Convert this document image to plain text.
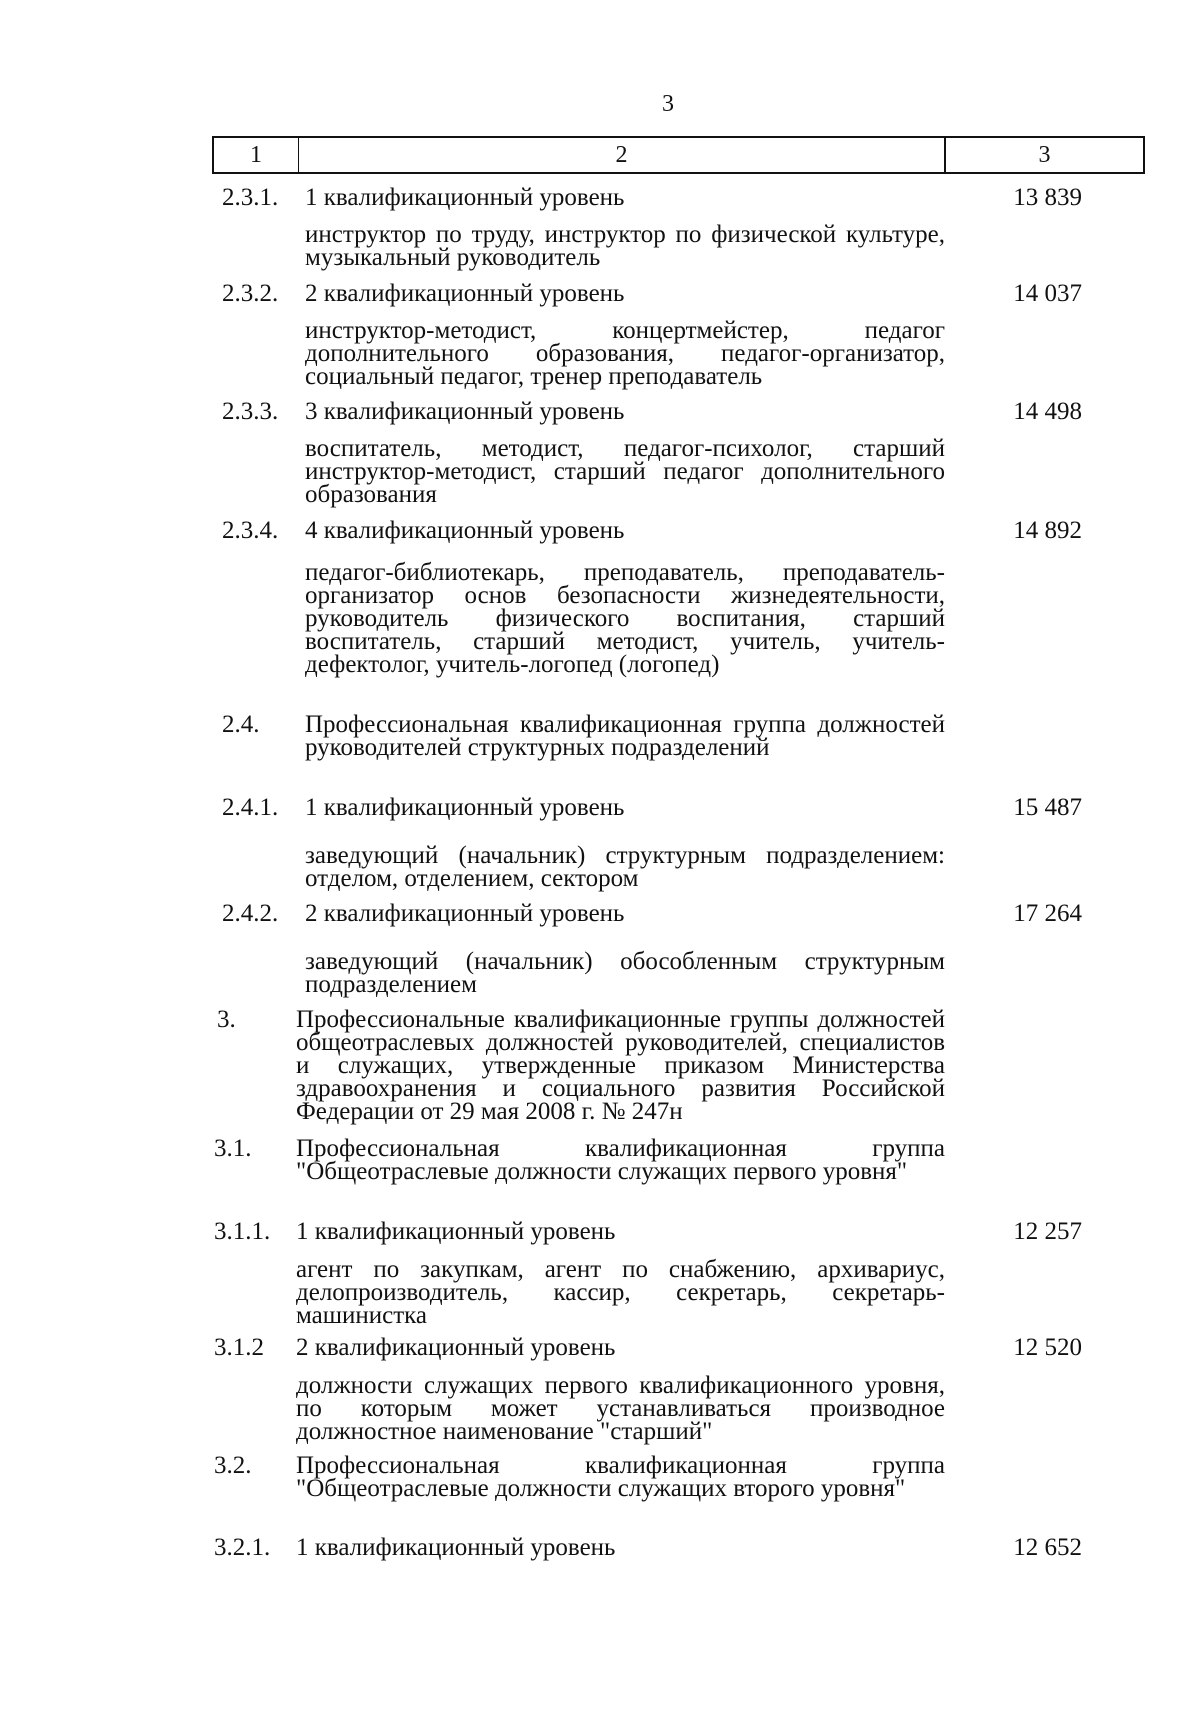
3
1	2	3
2.3.1. 1 квалификационный уровень	13 839
инструктор по труду, инструктор по физической культуре, музыкальный руководитель
2.3.2. 2 квалификационный уровень	14 037
инструктор-методист, концертмейстер, педагог дополнительного образования, педагог-организатор, социальный педагог, тренер преподаватель
2.3.3. 3 квалификационный уровень	14 498
воспитатель, методист, педагог-психолог, старший инструктор-методист, старший педагог дополнительного образования
2.3.4. 4 квалификационный уровень	14 892
педагог-библиотекарь, преподаватель, преподаватель-организатор основ безопасности жизнедеятельности, руководитель физического воспитания, старший воспитатель, старший методист, учитель, учитель-дефектолог, учитель-логопед (логопед)
2.4. Профессиональная квалификационная группа должностей руководителей структурных подразделений
2.4.1. 1 квалификационный уровень	15 487
заведующий (начальник) структурным подразделением: отделом, отделением, сектором
2.4.2. 2 квалификационный уровень	17 264
заведующий (начальник) обособленным структурным подразделением
3. Профессиональные квалификационные группы должностей общеотраслевых должностей руководителей, специалистов и служащих, утвержденные приказом Министерства здравоохранения и социального развития Российской Федерации от 29 мая 2008 г. № 247н
3.1. Профессиональная квалификационная группа "Общеотраслевые должности служащих первого уровня"
3.1.1. 1 квалификационный уровень	12 257
агент по закупкам, агент по снабжению, архивариус, делопроизводитель, кассир, секретарь, секретарь-машинистка
3.1.2 2 квалификационный уровень	12 520
должности служащих первого квалификационного уровня, по которым может устанавливаться производное должностное наименование "старший"
3.2. Профессиональная квалификационная группа "Общеотраслевые должности служащих второго уровня"
3.2.1. 1 квалификационный уровень	12 652
